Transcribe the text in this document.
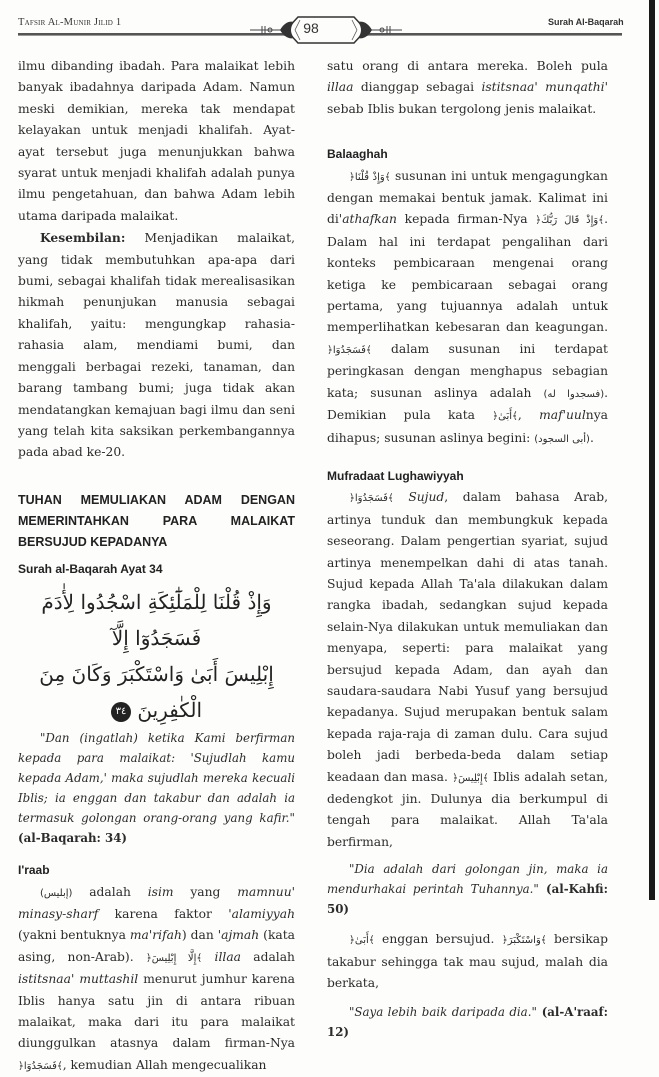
Tafsir Al-Munir Jilid 1	Surah Al-Baqarah
98

ilmu dibanding ibadah. Para malaikat lebih banyak ibadahnya daripada Adam. Namun meski demikian, mereka tak mendapat kelayakan untuk menjadi khalifah. Ayat-ayat tersebut juga menunjukkan bahwa syarat untuk menjadi khalifah adalah punya ilmu pengetahuan, dan bahwa Adam lebih utama daripada malaikat.

Kesembilan: Menjadikan malaikat, yang tidak membutuhkan apa-apa dari bumi, sebagai khalifah tidak merealisasikan hikmah penunjukan manusia sebagai khalifah, yaitu: mengungkap rahasia-rahasia alam, mendiami bumi, dan menggali berbagai rezeki, tanaman, dan barang tambang bumi; juga tidak akan mendatangkan kemajuan bagi ilmu dan seni yang telah kita saksikan perkembangannya pada abad ke-20.

TUHAN MEMULIAKAN ADAM DENGAN MEMERINTAHKAN PARA MALAIKAT BERSUJUD KEPADANYA

Surah al-Baqarah Ayat 34

وَإِذْ قُلْنَا لِلْمَلَٰٓئِكَةِ اسْجُدُوا لِأٰدَمَ فَسَجَدُوٓا إِلَّآ
إِبْلِيسَ أَبَىٰ وَاسْتَكْبَرَ وَكَانَ مِنَ الْكٰفِرِينَ ٣٤

"Dan (ingatlah) ketika Kami berfirman kepada para malaikat: 'Sujudlah kamu kepada Adam,' maka sujudlah mereka kecuali Iblis; ia enggan dan takabur dan adalah ia termasuk golongan orang-orang yang kafir." (al-Baqarah: 34)

I'raab

(إبليس) adalah isim yang mamnuu' minasy-sharf karena faktor 'alamiyyah (yakni bentuknya ma'rifah) dan 'ajmah (kata asing, non-Arab). ﴿إِلَّا إِبْلِيسَ﴾ illaa adalah istitsnaa' muttashil menurut jumhur karena Iblis hanya satu jin di antara ribuan malaikat, maka dari itu para malaikat diunggulkan atasnya dalam firman-Nya ﴿فَسَجَدُوٓا﴾, kemudian Allah mengecualikan

satu orang di antara mereka. Boleh pula illaa dianggap sebagai istitsnaa' munqathi' sebab Iblis bukan tergolong jenis malaikat.

Balaaghah

﴿وَإِذْ قُلْنَا﴾ susunan ini untuk mengagungkan dengan memakai bentuk jamak. Kalimat ini di'athafkan kepada firman-Nya ﴿وَإِذْ قَالَ رَبُّكَ﴾. Dalam hal ini terdapat pengalihan dari konteks pembicaraan mengenai orang ketiga ke pembicaraan sebagai orang pertama, yang tujuannya adalah untuk memperlihatkan kebesaran dan keagungan. ﴿فَسَجَدُوٓا﴾ dalam susunan ini terdapat peringkasan dengan menghapus sebagian kata; susunan aslinya adalah (فسجدوا له). Demikian pula kata ﴿أَبَىٰ﴾, maf'uulnya dihapus; susunan aslinya begini: (أبى السجود).

Mufradaat Lughawiyyah

﴿فَسَجَدُوٓا﴾ Sujud, dalam bahasa Arab, artinya tunduk dan membungkuk kepada seseorang. Dalam pengertian syariat, sujud artinya menempelkan dahi di atas tanah. Sujud kepada Allah Ta'ala dilakukan dalam rangka ibadah, sedangkan sujud kepada selain-Nya dilakukan untuk memuliakan dan menyapa, seperti: para malaikat yang bersujud kepada Adam, dan ayah dan saudara-saudara Nabi Yusuf yang bersujud kepadanya. Sujud merupakan bentuk salam kepada raja-raja di zaman dulu. Cara sujud boleh jadi berbeda-beda dalam setiap keadaan dan masa. ﴿إِبْلِيسَ﴾ Iblis adalah setan, dedengkot jin. Dulunya dia berkumpul di tengah para malaikat. Allah Ta'ala berfirman,

"Dia adalah dari golongan jin, maka ia mendurhakai perintah Tuhannya." (al-Kahfi: 50)

﴿أَبَىٰ﴾ enggan bersujud. ﴿وَاسْتَكْبَرَ﴾ bersikap takabur sehingga tak mau sujud, malah dia berkata,

"Saya lebih baik daripada dia." (al-A'raaf: 12)
